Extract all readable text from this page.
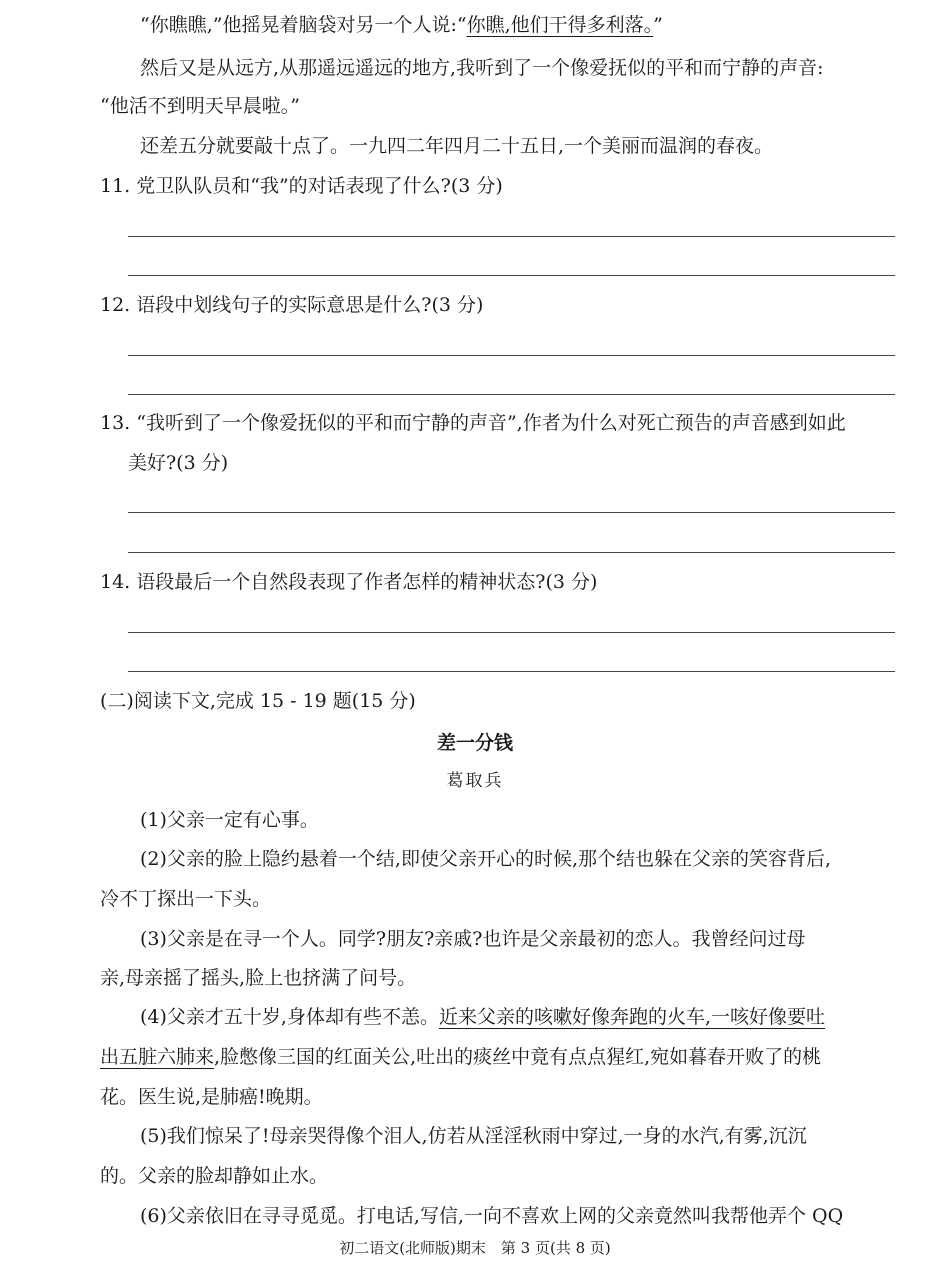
“你瞧瞧,”他摇晃着脑袋对另一个人说:“你瞧,他们干得多利落。”
然后又是从远方,从那遥远遥远的地方,我听到了一个像爱抚似的平和而宁静的声音:
“他活不到明天早晨啦。”
还差五分就要敲十点了。一九四二年四月二十五日,一个美丽而温润的春夜。
11. 党卫队队员和“我”的对话表现了什么?(3 分)
12. 语段中划线句子的实际意思是什么?(3 分)
13. “我听到了一个像爱抚似的平和而宁静的声音”,作者为什么对死亡预告的声音感到如此
美好?(3 分)
14. 语段最后一个自然段表现了作者怎样的精神状态?(3 分)
(二)阅读下文,完成 15 - 19 题(15 分)
差一分钱
葛取兵
(1)父亲一定有心事。
(2)父亲的脸上隐约悬着一个结,即使父亲开心的时候,那个结也躲在父亲的笑容背后,
冷不丁探出一下头。
(3)父亲是在寻一个人。同学?朋友?亲戚?也许是父亲最初的恋人。我曾经问过母
亲,母亲摇了摇头,脸上也挤满了问号。
(4)父亲才五十岁,身体却有些不恙。近来父亲的咳嗽好像奔跑的火车,一咳好像要吐
出五脏六肺来,脸憋像三国的红面关公,吐出的痰丝中竟有点点猩红,宛如暮春开败了的桃
花。医生说,是肺癌!晚期。
(5)我们惊呆了!母亲哭得像个泪人,仿若从淫淫秋雨中穿过,一身的水汽,有雾,沉沉
的。父亲的脸却静如止水。
(6)父亲依旧在寻寻觅觅。打电话,写信,一向不喜欢上网的父亲竟然叫我帮他弄个 QQ
初二语文(北师版)期末　第 3 页(共 8 页)
